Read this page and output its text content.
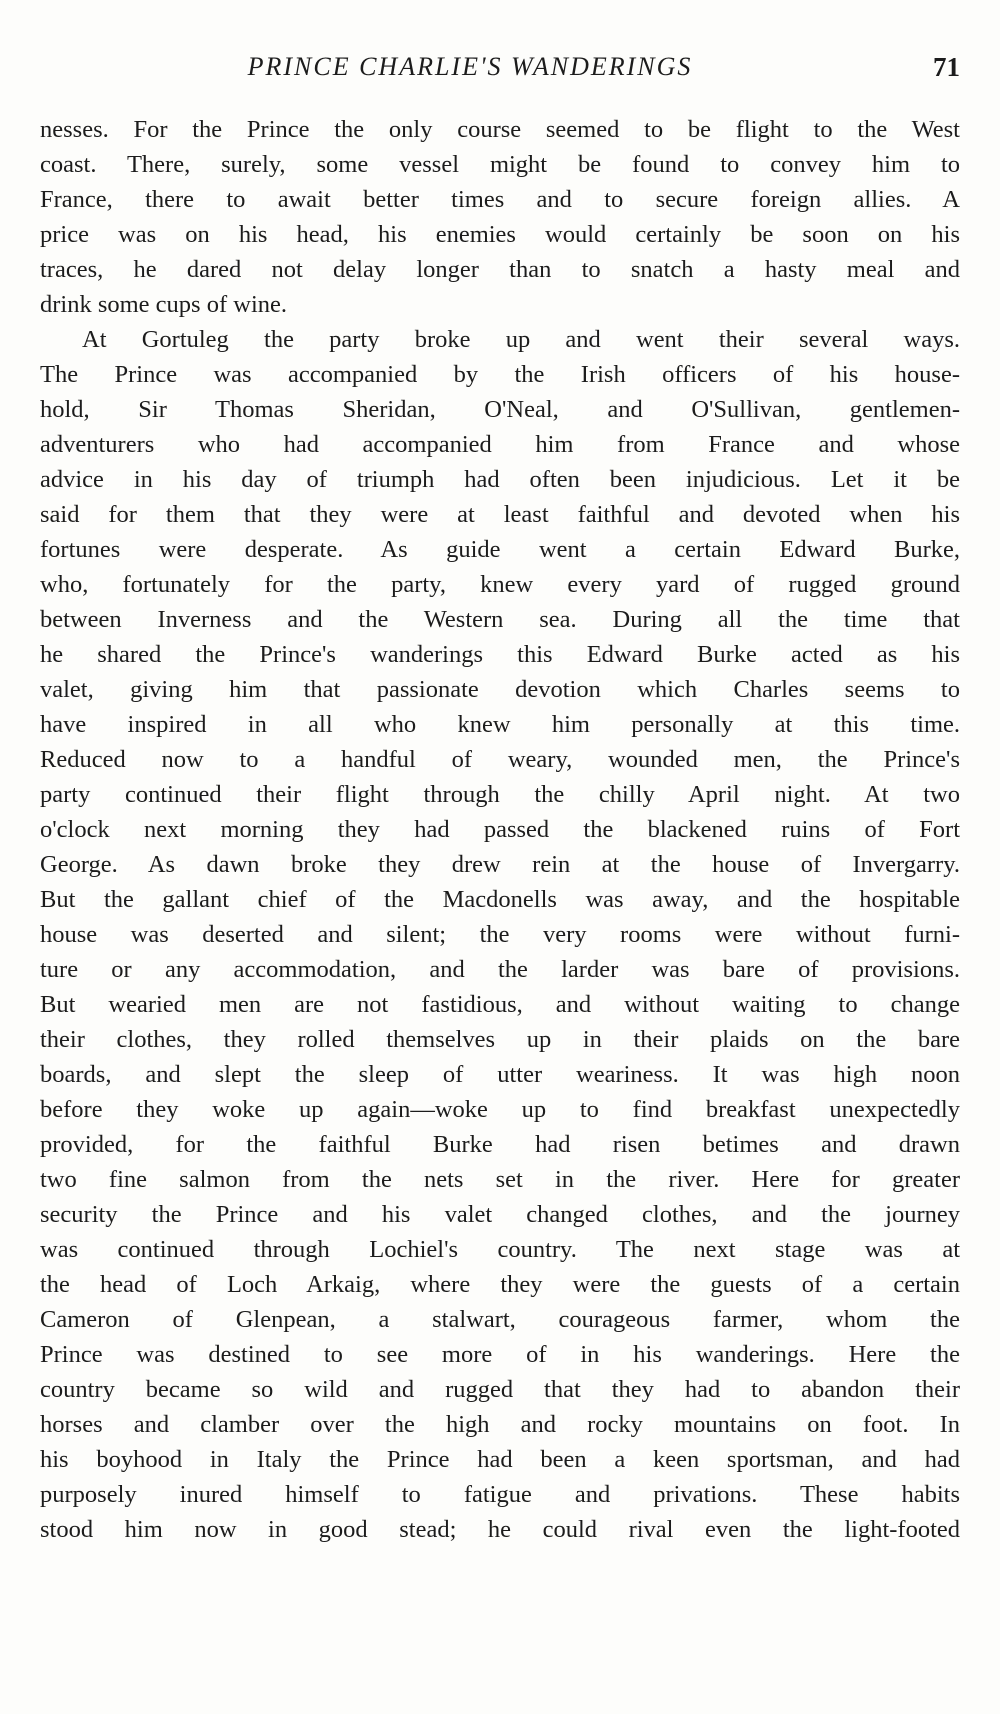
PRINCE CHARLIE'S WANDERINGS	71
nesses. For the Prince the only course seemed to be flight to the West
coast. There, surely, some vessel might be found to convey him to
France, there to await better times and to secure foreign allies. A
price was on his head, his enemies would certainly be soon on his
traces, he dared not delay longer than to snatch a hasty meal and
drink some cups of wine.
At Gortuleg the party broke up and went their several ways.
The Prince was accompanied by the Irish officers of his house-
hold, Sir Thomas Sheridan, O'Neal, and O'Sullivan, gentlemen-
adventurers who had accompanied him from France and whose
advice in his day of triumph had often been injudicious. Let it be
said for them that they were at least faithful and devoted when his
fortunes were desperate. As guide went a certain Edward Burke,
who, fortunately for the party, knew every yard of rugged ground
between Inverness and the Western sea. During all the time that
he shared the Prince's wanderings this Edward Burke acted as his
valet, giving him that passionate devotion which Charles seems to
have inspired in all who knew him personally at this time.
Reduced now to a handful of weary, wounded men, the Prince's
party continued their flight through the chilly April night. At two
o'clock next morning they had passed the blackened ruins of Fort
George. As dawn broke they drew rein at the house of Invergarry.
But the gallant chief of the Macdonells was away, and the hospitable
house was deserted and silent; the very rooms were without furni-
ture or any accommodation, and the larder was bare of provisions.
But wearied men are not fastidious, and without waiting to change
their clothes, they rolled themselves up in their plaids on the bare
boards, and slept the sleep of utter weariness. It was high noon
before they woke up again—woke up to find breakfast unexpectedly
provided, for the faithful Burke had risen betimes and drawn
two fine salmon from the nets set in the river. Here for greater
security the Prince and his valet changed clothes, and the journey
was continued through Lochiel's country. The next stage was at
the head of Loch Arkaig, where they were the guests of a certain
Cameron of Glenpean, a stalwart, courageous farmer, whom the
Prince was destined to see more of in his wanderings. Here the
country became so wild and rugged that they had to abandon their
horses and clamber over the high and rocky mountains on foot. In
his boyhood in Italy the Prince had been a keen sportsman, and had
purposely inured himself to fatigue and privations. These habits
stood him now in good stead; he could rival even the light-footed
